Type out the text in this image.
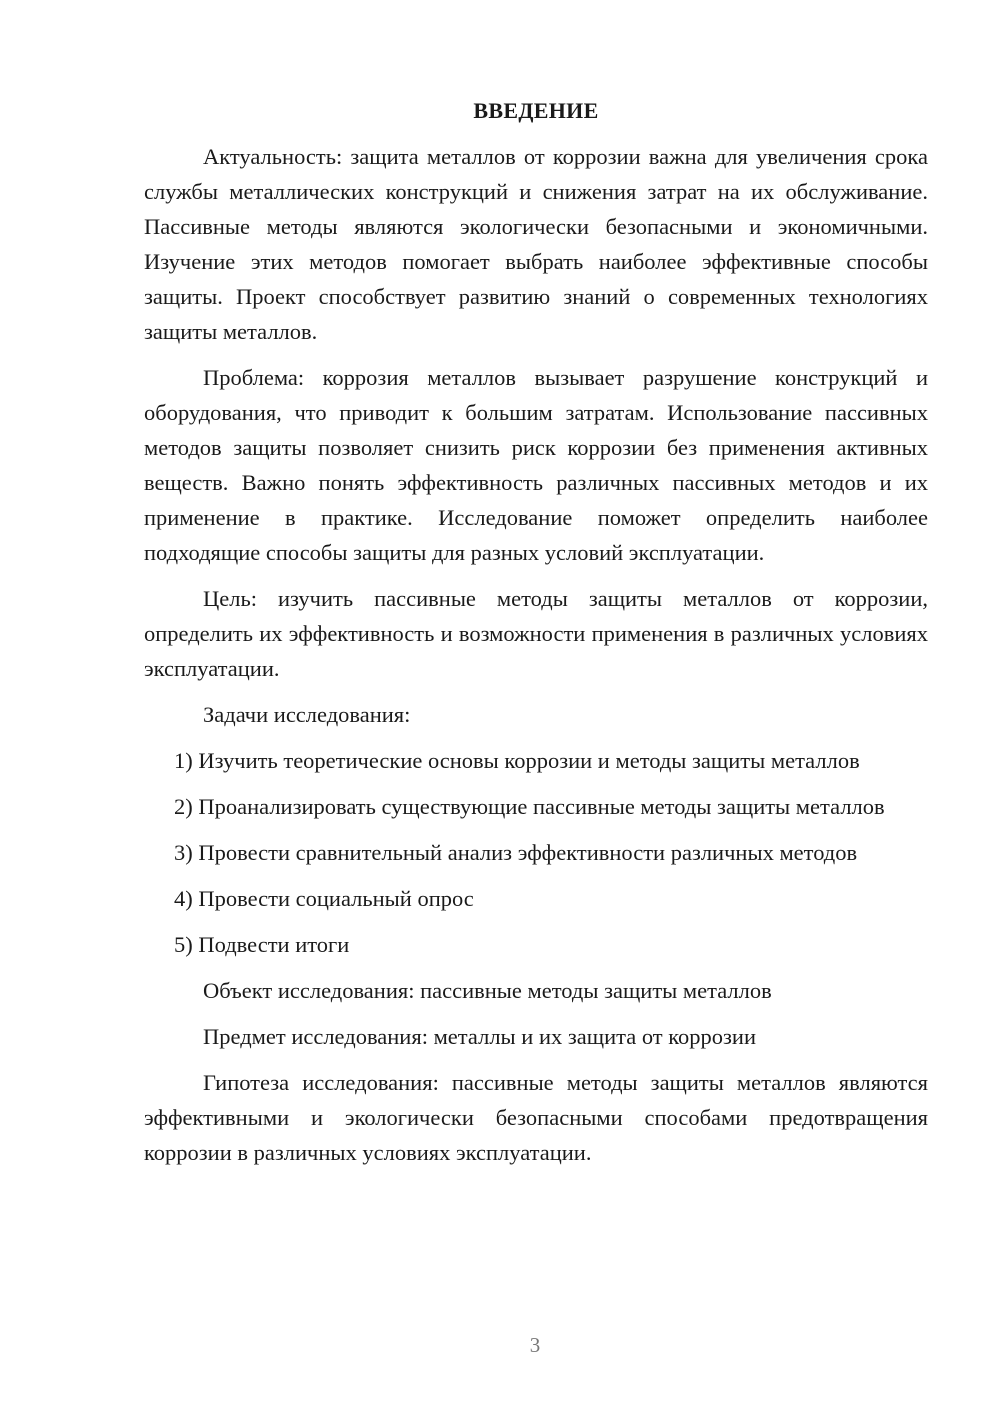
ВВЕДЕНИЕ

Актуальность: защита металлов от коррозии важна для увеличения срока службы металлических конструкций и снижения затрат на их обслуживание. Пассивные методы являются экологически безопасными и экономичными. Изучение этих методов помогает выбрать наиболее эффективные способы защиты. Проект способствует развитию знаний о современных технологиях защиты металлов.

Проблема: коррозия металлов вызывает разрушение конструкций и оборудования, что приводит к большим затратам. Использование пассивных методов защиты позволяет снизить риск коррозии без применения активных веществ. Важно понять эффективность различных пассивных методов и их применение в практике. Исследование поможет определить наиболее подходящие способы защиты для разных условий эксплуатации.

Цель: изучить пассивные методы защиты металлов от коррозии, определить их эффективность и возможности применения в различных условиях эксплуатации.

Задачи исследования:

1) Изучить теоретические основы коррозии и методы защиты металлов

2) Проанализировать существующие пассивные методы защиты металлов

3) Провести сравнительный анализ эффективности различных методов

4) Провести социальный опрос

5) Подвести итоги

Объект исследования: пассивные методы защиты металлов

Предмет исследования: металлы и их защита от коррозии

Гипотеза исследования: пассивные методы защиты металлов являются эффективными и экологически безопасными способами предотвращения коррозии в различных условиях эксплуатации.

3
